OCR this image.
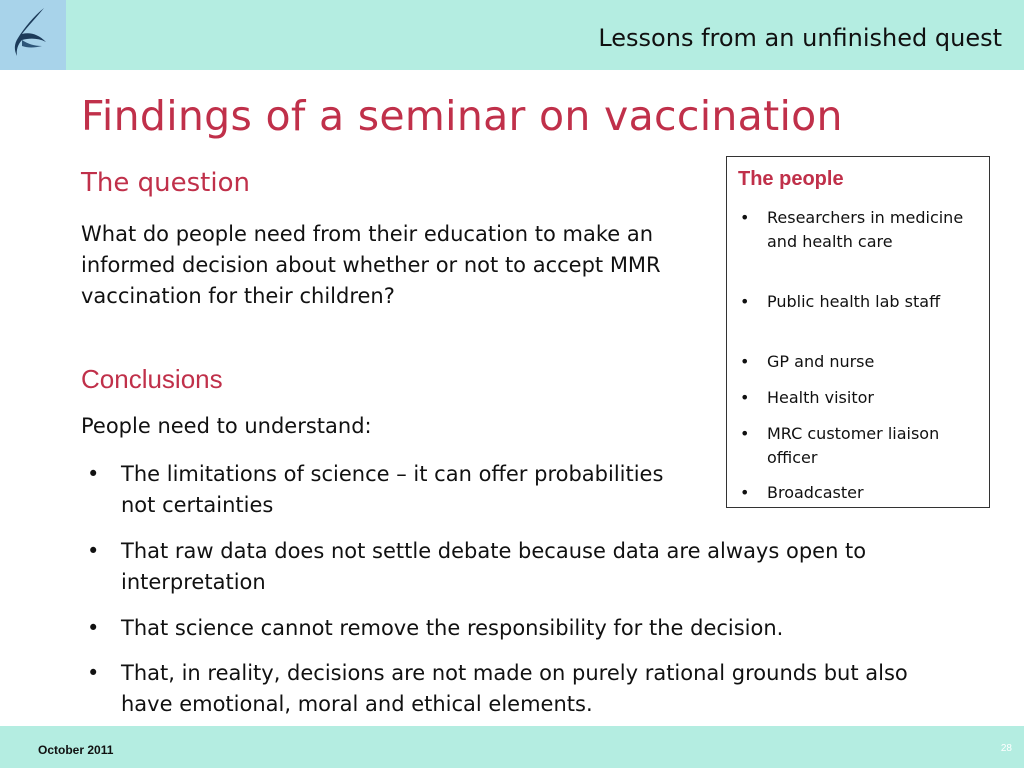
Lessons from an unfinished quest
Findings of a seminar on vaccination
The question
What do people need from their education to make an informed decision about whether or not to accept MMR vaccination for their children?
Conclusions
People need to understand:
• The limitations of science – it can offer probabilities not certainties
• That raw data does not settle debate because data are always open to interpretation
• That science cannot remove the responsibility for the decision.
• That, in reality, decisions are not made on purely rational grounds but also have emotional, moral and ethical elements.
The people
• Researchers in medicine and health care
• Public health lab staff
• GP and nurse
• Health visitor
• MRC customer liaison officer
• Broadcaster
October 2011	28
